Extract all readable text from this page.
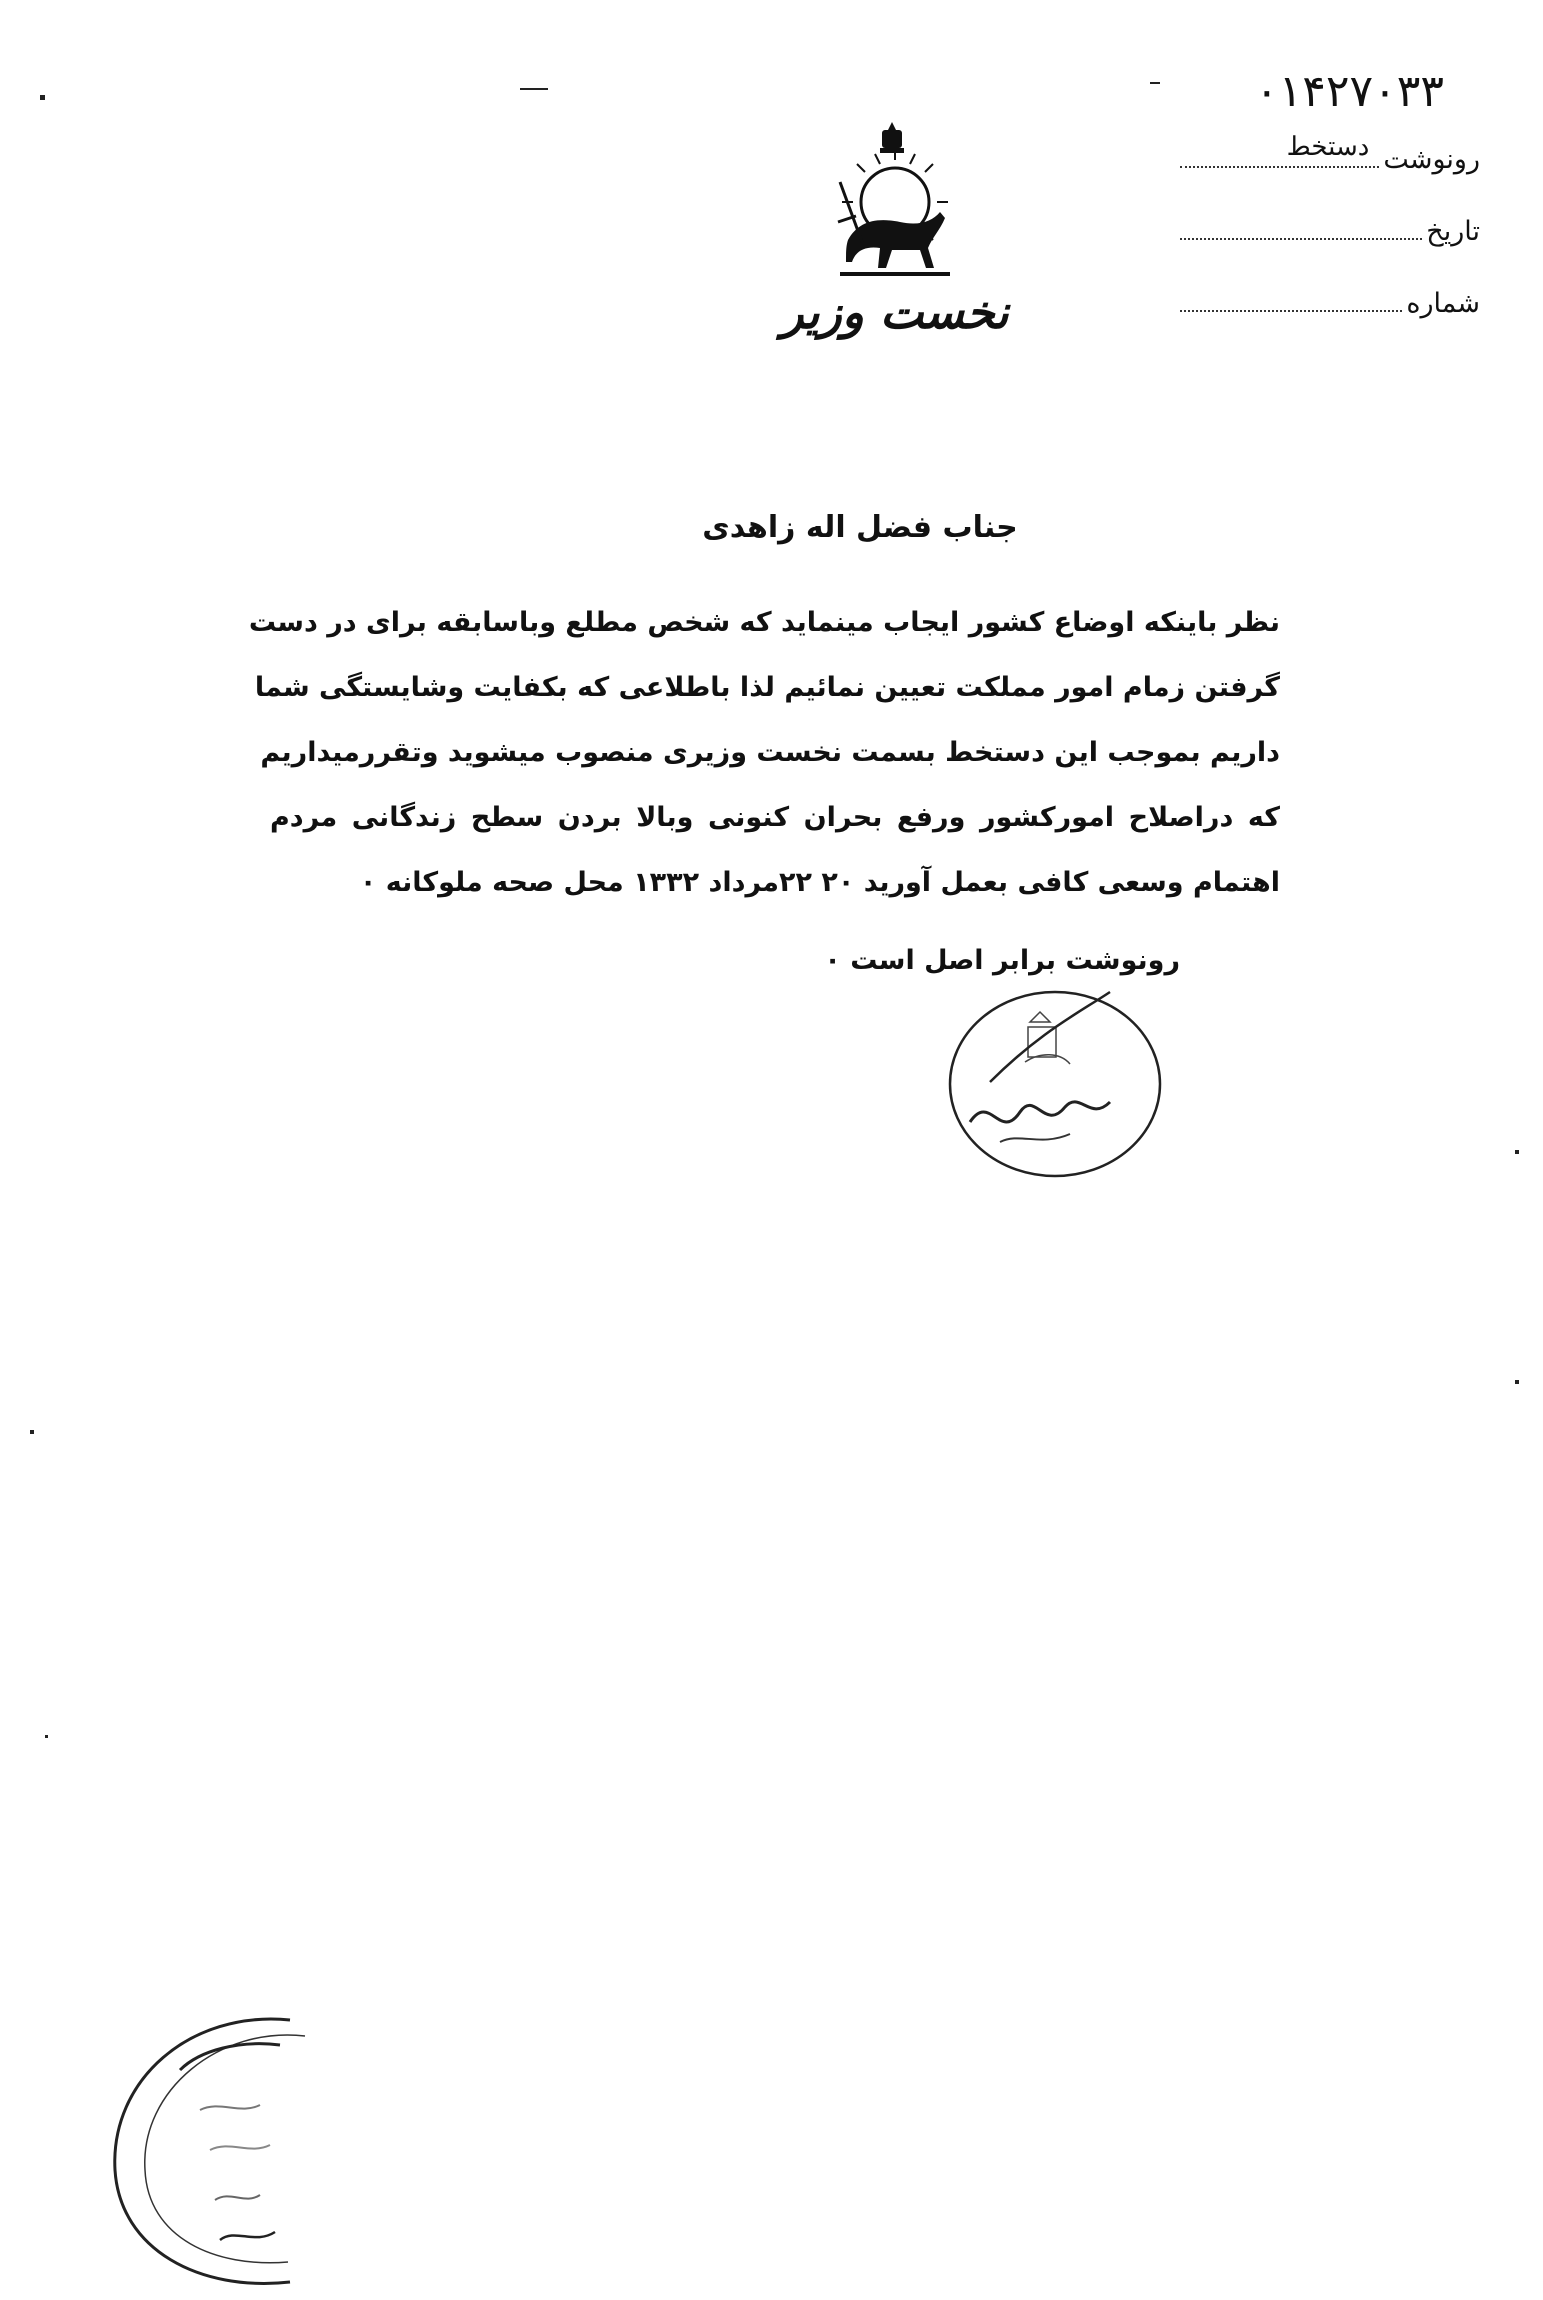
۰۱۴۲۷۰۳۳
نخست وزیر
رونوشت
دستخط
تاریخ
شماره
جناب فضل اله زاهدی
نظر باینکه اوضاع کشور ایجاب مینماید که شخص مطلع وباسابقه برای در دست
گرفتن زمام امور مملکت تعیین نمائیم لذا باطلاعی که بکفایت وشایستگی شما
داریم بموجب این دستخط بسمت نخست وزیری منصوب میشوید وتقررمیداریم
که دراصلاح امورکشور ورفع بحران کنونی وبالا بردن سطح زندگانی مردم
اهتمام وسعی کافی بعمل آورید ۲۰ ۲۲مرداد ۱۳۳۲ محل صحه ملوکانه ۰
رونوشت برابر اصل است ۰
